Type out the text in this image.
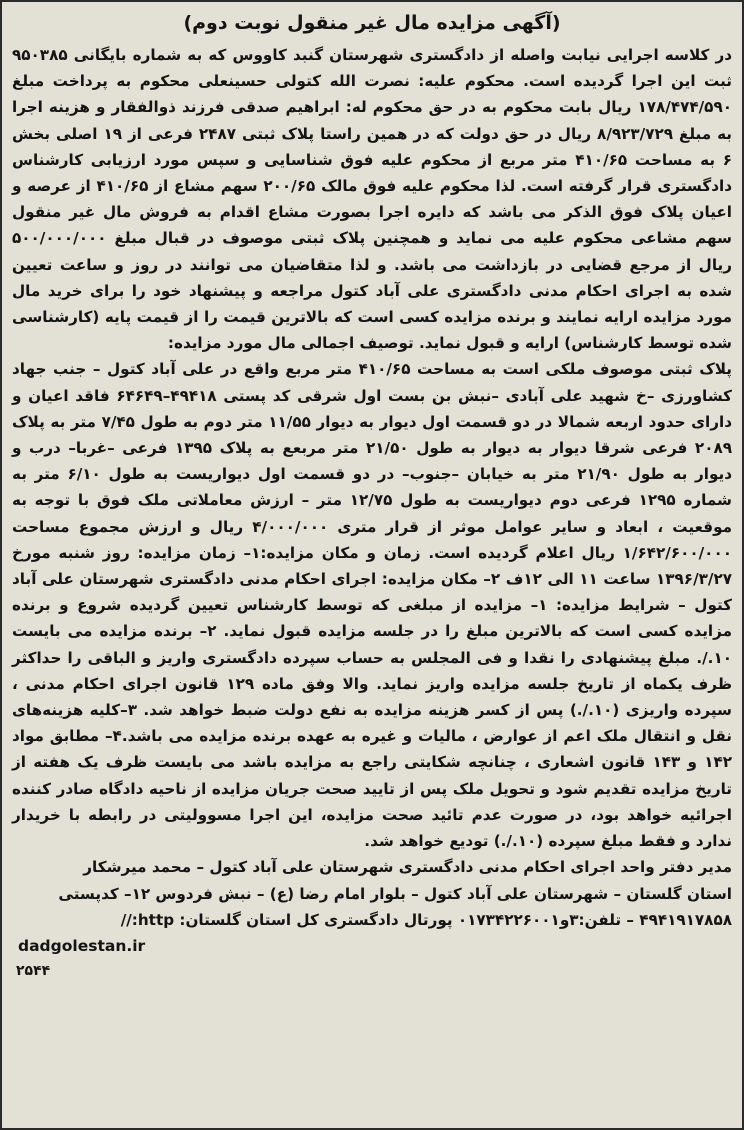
(آگهی مزایده مال غیر منقول نوبت دوم)

در کلاسه اجرایی نیابت واصله از دادگستری شهرستان گنبد کاووس که به شماره بایگانی ۹۵۰۳۸۵ ثبت این اجرا گردیده است. محکوم علیه: نصرت الله کتولی حسینعلی محکوم به پرداخت مبلغ ۱۷۸/۴۷۴/۵۹۰ ریال بابت محکوم به در حق محکوم له: ابراهیم صدقی فرزند ذوالفقار و هزینه اجرا به مبلغ ۸/۹۲۳/۷۲۹ ریال در حق دولت که در همین راستا پلاک ثبتی ۲۴۸۷ فرعی از ۱۹ اصلی بخش ۶ به مساحت ۴۱۰/۶۵ متر مربع از محکوم علیه فوق شناسایی و سپس مورد ارزیابی کارشناس دادگستری قرار گرفته است. لذا محکوم علیه فوق مالک ۲۰۰/۶۵ سهم مشاع از ۴۱۰/۶۵ از عرصه و اعیان پلاک فوق الذکر می باشد که دایره اجرا بصورت مشاع اقدام به فروش مال غیر منقول سهم مشاعی محکوم علیه می نماید و همچنین پلاک ثبتی موصوف در قبال مبلغ ۵۰۰/۰۰۰/۰۰۰ ریال از مرجع قضایی در بازداشت می باشد. و لذا متقاضیان می توانند در روز و ساعت تعیین شده به اجرای احکام مدنی دادگستری علی آباد کتول مراجعه و پیشنهاد خود را برای خرید مال مورد مزایده ارایه نمایند و برنده مزایده کسی است که بالاترین قیمت را از قیمت پایه (کارشناسی شده توسط کارشناس) ارایه و قبول نماید. توصیف اجمالی مال مورد مزایده:

پلاک ثبتی موصوف ملکی است به مساحت ۴۱۰/۶۵ متر مربع واقع در علی آباد کتول – جنب جهاد کشاورزی –خ شهید علی آبادی –نبش بن بست اول شرقی کد پستی ۴۹۴۱۸–۶۴۶۴۹ فاقد اعیان و دارای حدود اربعه شمالا در دو قسمت اول دیوار به دیوار ۱۱/۵۵ متر دوم به طول ۷/۴۵ متر به پلاک ۲۰۸۹ فرعی شرقا دیوار به دیوار به طول ۲۱/۵۰ متر مربعع به پلاک ۱۳۹۵ فرعی –غربا– درب و دیوار به طول ۲۱/۹۰ متر به خیابان –جنوب– در دو قسمت اول دیواریست به طول ۶/۱۰ متر به شماره ۱۲۹۵ فرعی دوم دیواریست به طول ۱۲/۷۵ متر – ارزش معاملاتی ملک فوق با توجه به موقعیت ، ابعاد و سایر عوامل موثر از قرار متری ۴/۰۰۰/۰۰۰ ریال و ارزش مجموع مساحت ۱/۶۴۲/۶۰۰/۰۰۰ ریال اعلام گردیده است. زمان و مکان مزایده:۱– زمان مزایده: روز شنبه مورخ ۱۳۹۶/۳/۲۷ ساعت ۱۱ الی ۱۲ف ۲– مکان مزایده: اجرای احکام مدنی دادگستری شهرستان علی آباد کتول – شرایط مزایده: ۱– مزایده از مبلغی که توسط کارشناس تعیین گردیده شروع و برنده مزایده کسی است که بالاترین مبلغ را در جلسه مزایده قبول نماید. ۲– برنده مزایده می بایست ۱۰./. مبلغ پیشنهادی را نقدا و فی المجلس به حساب سپرده دادگستری واریز و الباقی را حداکثر ظرف یکماه از تاریخ جلسه مزایده واریز نماید. والا وفق ماده ۱۲۹ قانون اجرای احکام مدنی ، سپرده واریزی (۱۰./.) پس از کسر هزینه مزایده به نفع دولت ضبط خواهد شد. ۳–کلیه هزینه‌های نقل و انتقال ملک اعم از عوارض ، مالیات و غیره به عهده برنده مزایده می باشد.۴– مطابق مواد ۱۴۲ و ۱۴۳ قانون اشعاری ، چنانچه شکایتی راجع به مزایده باشد می بایست ظرف یک هفته از تاریخ مزایده تقدیم شود و تحویل ملک پس از تایید صحت جریان مزایده از ناحیه دادگاه صادر کننده اجرائیه خواهد بود، در صورت عدم تائید صحت مزایده، این اجرا مسوولیتی در رابطه با خریدار ندارد و فقط مبلغ سپرده (۱۰./.) تودیع خواهد شد.

مدیر دفتر واحد اجرای احکام مدنی دادگستری شهرستان علی آباد کتول – محمد میرشکار
استان گلستان – شهرستان علی آباد کتول – بلوار امام رضا (ع) – نبش فردوس ۱۲– کدپستی
۴۹۴۱۹۱۷۸۵۸ – تلفن:۳و۰۱۷۳۴۲۲۶۰۰۱ پورتال دادگستری کل استان گلستان: http://
dadgolestan.ir
۲۵۴۴
